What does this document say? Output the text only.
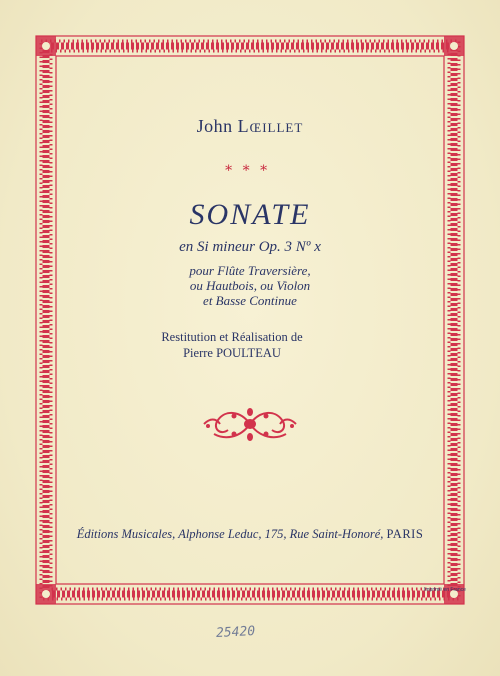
John Lœillet
∗∗∗
SONATE
en Si mineur Op. 3 Nº x
pour Flûte Traversière,
ou Hautbois, ou Violon
et Basse Continue
Restitution et Réalisation de
Pierre POULTEAU
Éditions Musicales, Alphonse Leduc, 175, Rue Saint-Honoré, PARIS
Imprimé en France
25420
